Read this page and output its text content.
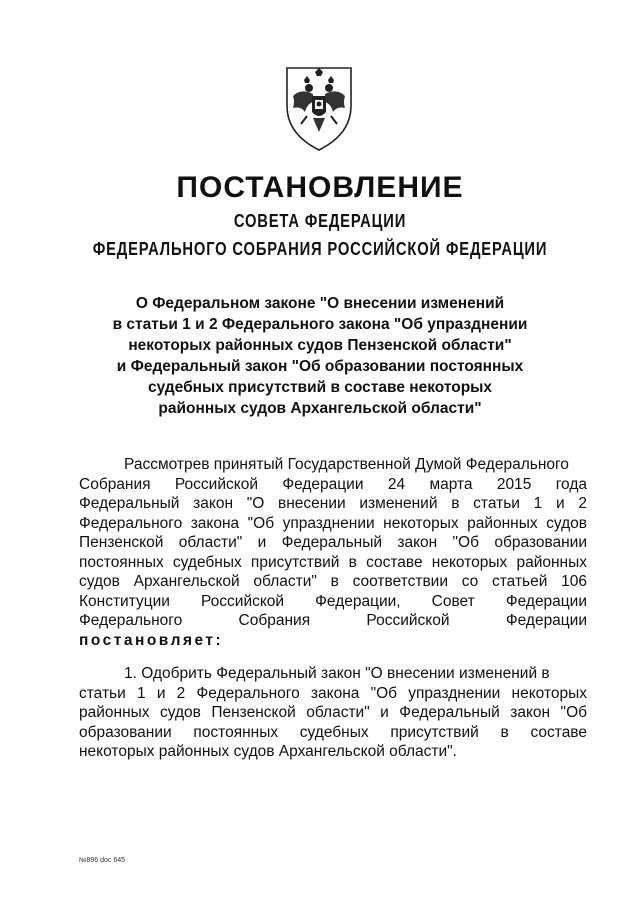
ПОСТАНОВЛЕНИЕ
СОВЕТА ФЕДЕРАЦИИ
ФЕДЕРАЛЬНОГО СОБРАНИЯ РОССИЙСКОЙ ФЕДЕРАЦИИ
О Федеральном законе "О внесении изменений
в статьи 1 и 2 Федерального закона "Об упразднении
некоторых районных судов Пензенской области"
и Федеральный закон "Об образовании постоянных
судебных присутствий в составе некоторых
районных судов Архангельской области"
Рассмотрев принятый Государственной Думой Федерального
Собрания Российской Федерации 24 марта 2015 года
Федеральный закон "О внесении изменений в статьи 1 и 2
Федерального закона "Об упразднении некоторых районных судов
Пензенской области" и Федеральный закон "Об образовании
постоянных судебных присутствий в составе некоторых районных
судов Архангельской области" в соответствии со статьей 106
Конституции Российской Федерации, Совет Федерации
Федерального Собрания Российской Федерации
постановляет:
1. Одобрить Федеральный закон "О внесении изменений в
статьи 1 и 2 Федерального закона "Об упразднении некоторых
районных судов Пензенской области" и Федеральный закон "Об
образовании постоянных судебных присутствий в составе
некоторых районных судов Архангельской области".
№896 doc 645
